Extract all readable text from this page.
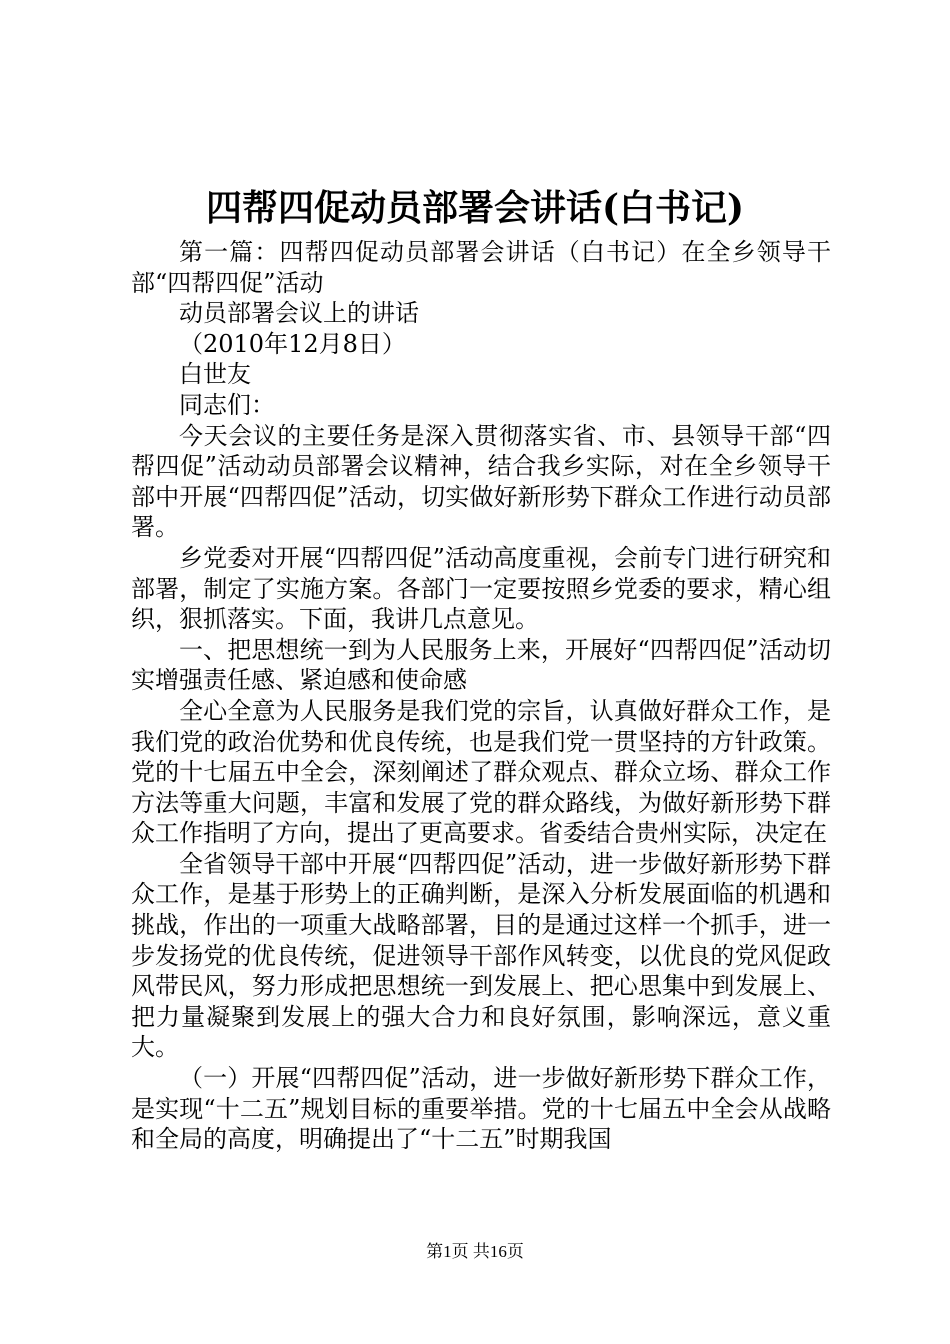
四帮四促动员部署会讲话(白书记)

第一篇：四帮四促动员部署会讲话（白书记）在全乡领导干部“四帮四促”活动

动员部署会议上的讲话

（2010年12月8日）

白世友

同志们：

今天会议的主要任务是深入贯彻落实省、市、县领导干部“四帮四促”活动动员部署会议精神，结合我乡实际，对在全乡领导干部中开展“四帮四促”活动，切实做好新形势下群众工作进行动员部署。

乡党委对开展“四帮四促”活动高度重视，会前专门进行研究和部署，制定了实施方案。各部门一定要按照乡党委的要求，精心组织，狠抓落实。下面，我讲几点意见。

一、把思想统一到为人民服务上来，开展好“四帮四促”活动切实增强责任感、紧迫感和使命感

全心全意为人民服务是我们党的宗旨，认真做好群众工作，是我们党的政治优势和优良传统，也是我们党一贯坚持的方针政策。党的十七届五中全会，深刻阐述了群众观点、群众立场、群众工作方法等重大问题，丰富和发展了党的群众路线，为做好新形势下群众工作指明了方向，提出了更高要求。省委结合贵州实际，决定在

全省领导干部中开展“四帮四促”活动，进一步做好新形势下群众工作，是基于形势上的正确判断，是深入分析发展面临的机遇和挑战，作出的一项重大战略部署，目的是通过这样一个抓手，进一步发扬党的优良传统，促进领导干部作风转变，以优良的党风促政风带民风，努力形成把思想统一到发展上、把心思集中到发展上、把力量凝聚到发展上的强大合力和良好氛围，影响深远，意义重大。

（一）开展“四帮四促”活动，进一步做好新形势下群众工作，是实现“十二五”规划目标的重要举措。党的十七届五中全会从战略和全局的高度，明确提出了“十二五”时期我国

第1页 共16页
